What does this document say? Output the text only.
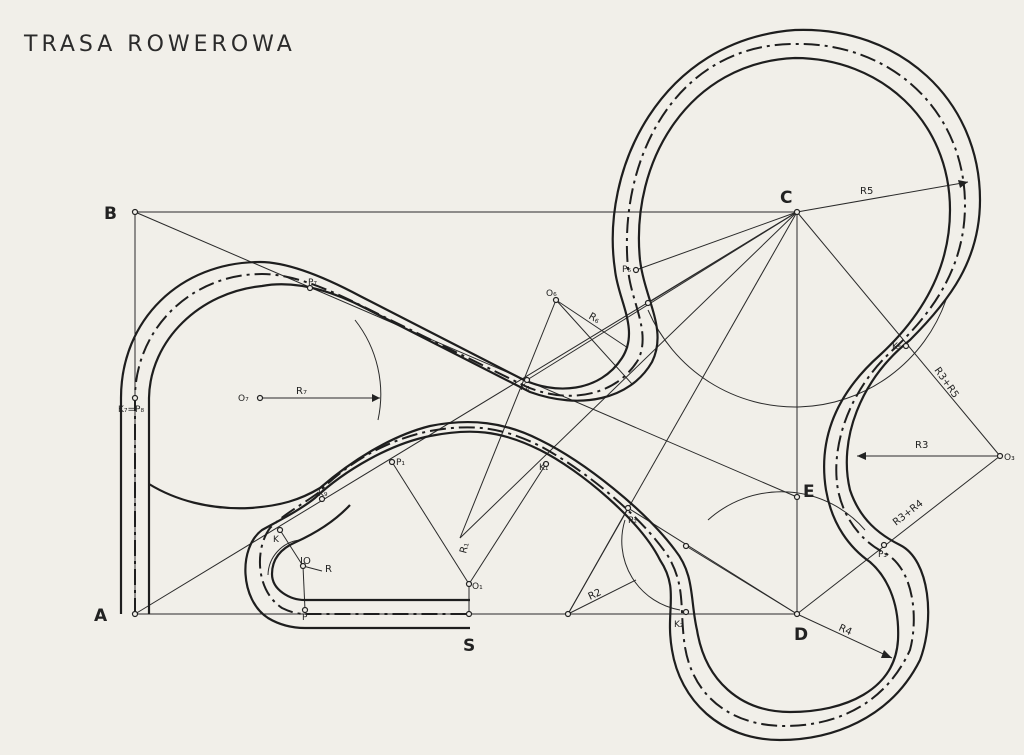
TRASA ROWEROWA
B
A
C
D
E
S
O₁
O₃
O₆
O₇
P
P₁
P₂
P₃
P₆
P₇
K
K₁
K₂
K₅
K₆
K₉
K₇=P₈
IO
R
R₇
R₆
R₁
R2
R3
R4
R5
R3+R5
R3+R4
